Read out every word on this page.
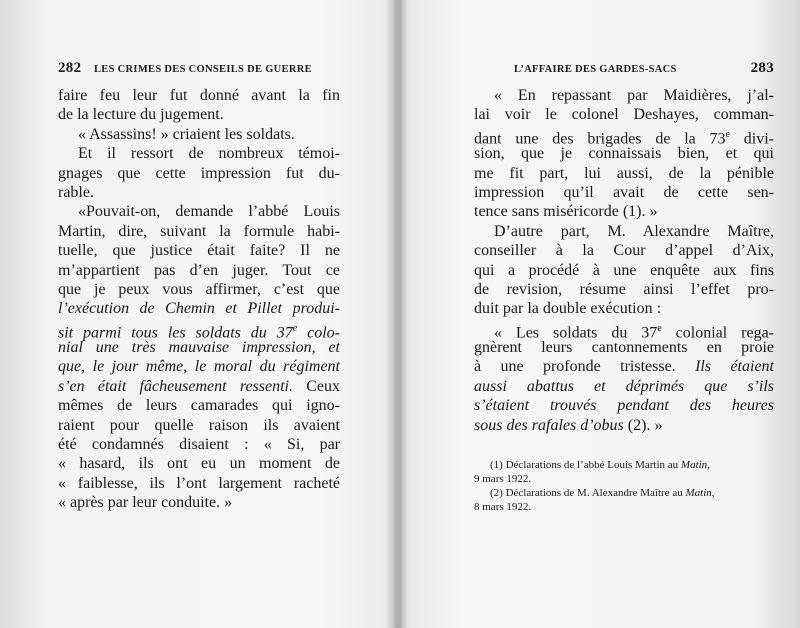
282 LES CRIMES DES CONSEILS DE GUERRE
faire feu leur fut donné avant la fin
de la lecture du jugement.
« Assassins! » criaient les soldats.
Et il ressort de nombreux témoi-
gnages que cette impression fut du-
rable.
«Pouvait-on, demande l’abbé Louis
Martin, dire, suivant la formule habi-
tuelle, que justice était faite? Il ne
m’appartient pas d’en juger. Tout ce
que je peux vous affirmer, c’est que
l’exécution de Chemin et Pillet produi-
sit parmi tous les soldats du 37e colo-
nial une très mauvaise impression, et
que, le jour même, le moral du régiment
s’en était fâcheusement ressenti. Ceux
mêmes de leurs camarades qui igno-
raient pour quelle raison ils avaient
été condamnés disaient : « Si, par
« hasard, ils ont eu un moment de
« faiblesse, ils l’ont largement racheté
« après par leur conduite. »
L’AFFAIRE DES GARDES-SACS	283
« En repassant par Maidières, j’al-
lai voir le colonel Deshayes, comman-
dant une des brigades de la 73e divi-
sion, que je connaissais bien, et qui
me fit part, lui aussi, de la pénible
impression qu’il avait de cette sen-
tence sans miséricorde (1). »
D’autre part, M. Alexandre Maître,
conseiller à la Cour d’appel d’Aix,
qui a procédé à une enquête aux fins
de revision, résume ainsi l’effet pro-
duit par la double exécution :
« Les soldats du 37e colonial rega-
gnèrent leurs cantonnements en proie
à une profonde tristesse. Ils étaient
aussi abattus et déprimés que s’ils
s’étaient trouvés pendant des heures
sous des rafales d’obus (2). »
(1) Déclarations de l’abbé Louis Martin au Matin,
9 mars 1922.
(2) Déclarations de M. Alexandre Maître au Matin,
8 mars 1922.
